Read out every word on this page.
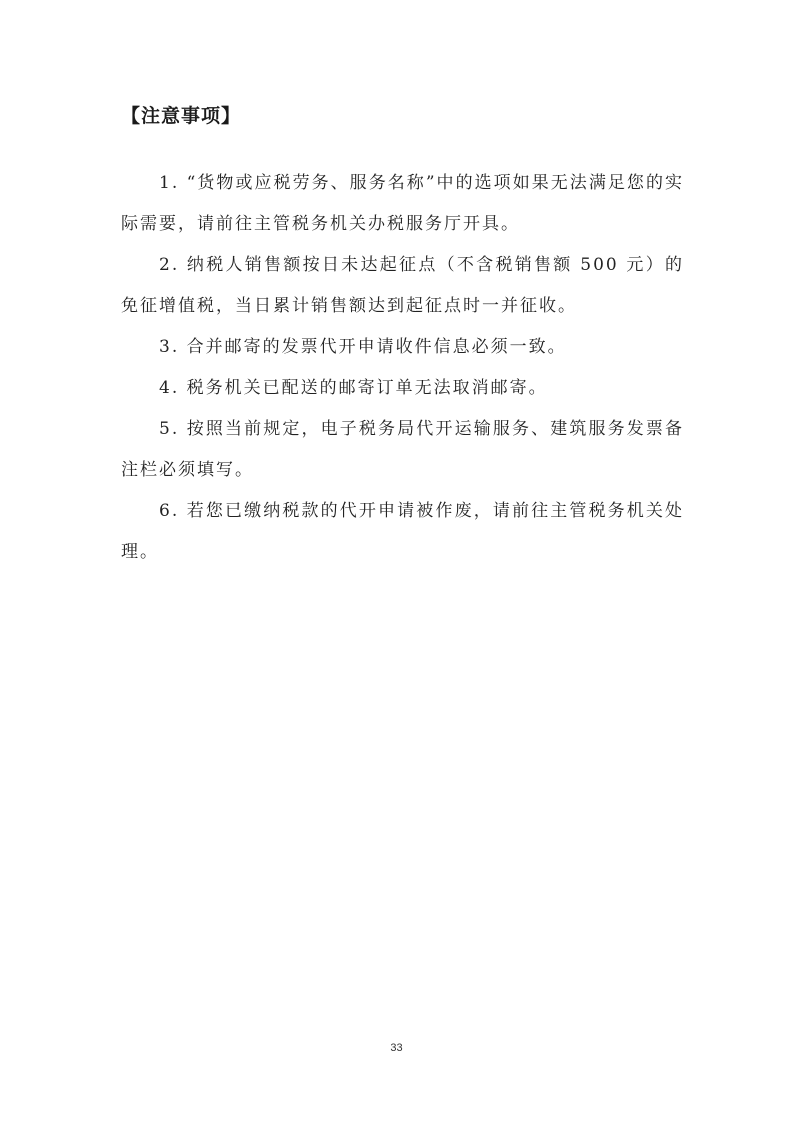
【注意事项】

1. “货物或应税劳务、服务名称”中的选项如果无法满足您的实际需要，请前往主管税务机关办税服务厅开具。

2. 纳税人销售额按日未达起征点（不含税销售额 500 元）的免征增值税，当日累计销售额达到起征点时一并征收。

3. 合并邮寄的发票代开申请收件信息必须一致。

4. 税务机关已配送的邮寄订单无法取消邮寄。

5. 按照当前规定，电子税务局代开运输服务、建筑服务发票备注栏必须填写。

6. 若您已缴纳税款的代开申请被作废，请前往主管税务机关处理。

33
